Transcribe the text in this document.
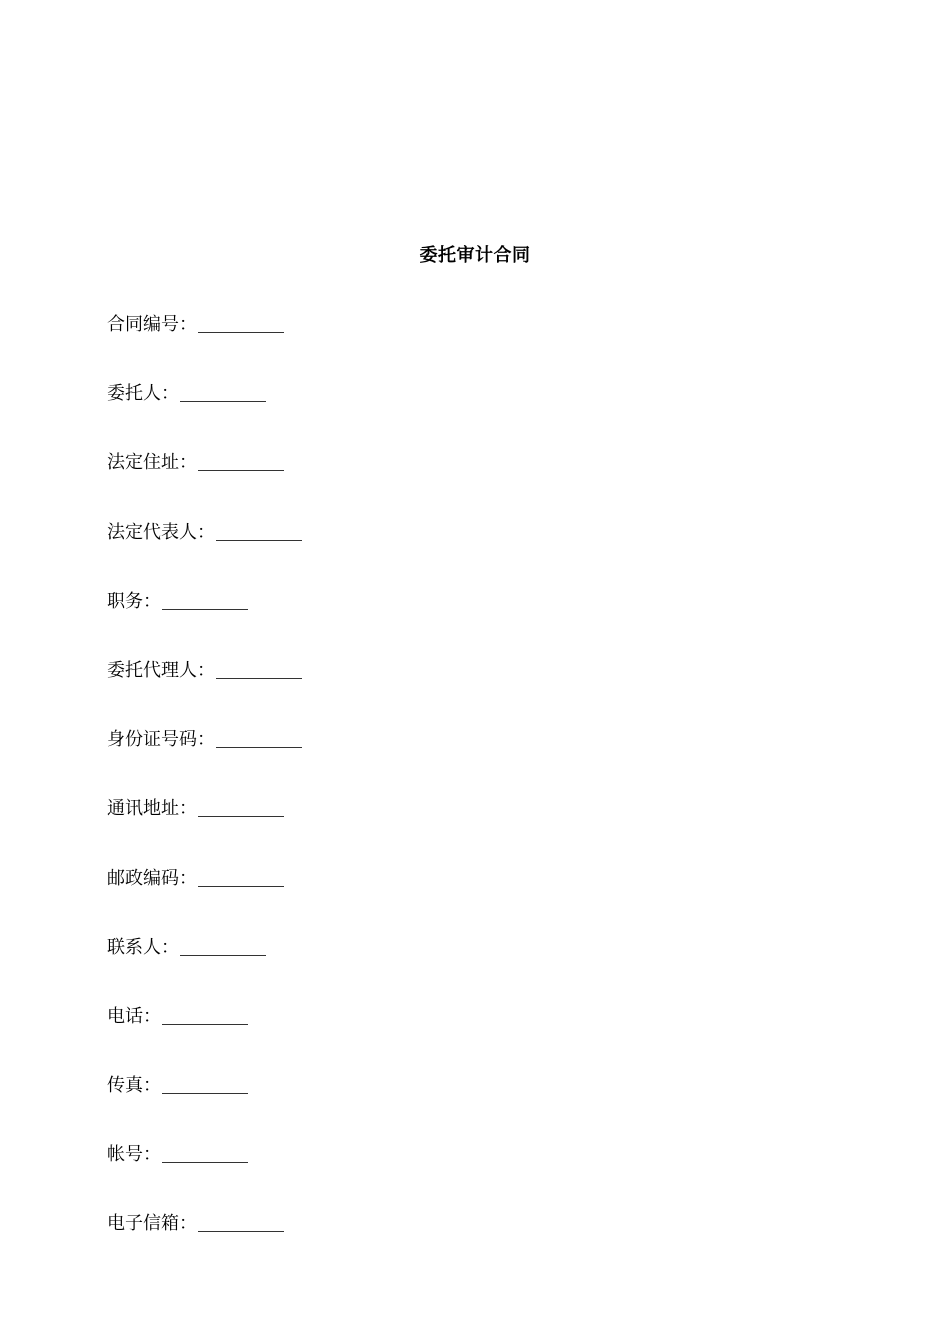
委托审计合同
合同编号：
委托人：
法定住址：
法定代表人：
职务：
委托代理人：
身份证号码：
通讯地址：
邮政编码：
联系人：
电话：
传真：
帐号：
电子信箱：
